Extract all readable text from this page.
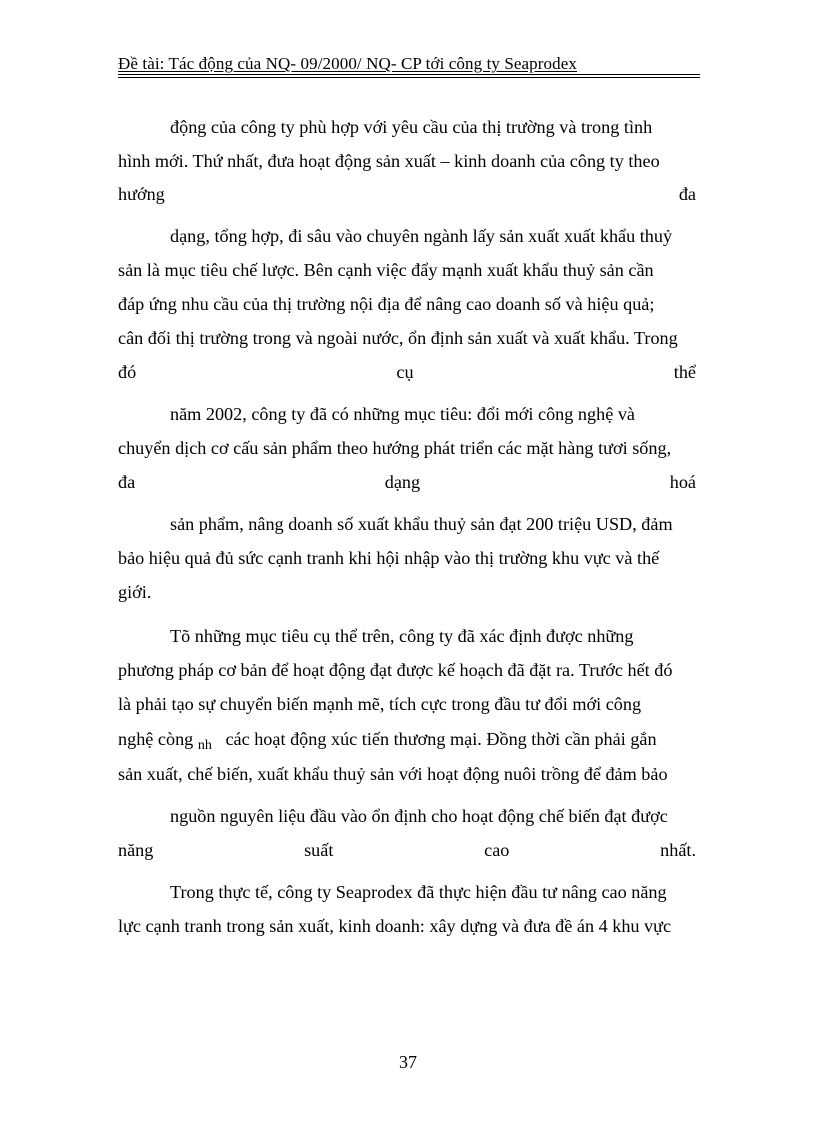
Đề tài: Tác động của NQ- 09/2000/ NQ- CP tới công ty Seaprodex
động của công ty phù hợp với yêu cầu của thị trường và trong tình
hình mới. Thứ nhất, đưa hoạt động sản xuất – kinh doanh của công ty theo
hướng	đa
dạng, tổng hợp, đi sâu vào chuyên ngành lấy sản xuất xuất khẩu thuỷ
sản là mục tiêu chế lược. Bên cạnh việc đẩy mạnh xuất khẩu thuỷ sản cần
đáp ứng nhu cầu của thị trường nội địa để nâng cao doanh số và hiệu quả;
cân đối thị trường trong và ngoài nước, ổn định sản xuất và xuất khẩu. Trong
đó	cụ	thể
năm 2002, công ty đã có những mục tiêu: đổi mới công nghệ và
chuyển dịch cơ cấu sản phẩm theo hướng phát triển các mặt hàng tươi sống,
đa	dạng	hoá
sản phẩm, nâng doanh số xuất khẩu thuỷ sản đạt 200 triệu USD, đảm
bảo hiệu quả đủ sức cạnh tranh khi hội nhập vào thị trường khu vực và thế
giới.
Tõ những mục tiêu cụ thể trên, công ty đã xác định được những
phương pháp cơ bản để hoạt động đạt được kế hoạch đã đặt ra. Trước hết đó
là phải tạo sự chuyển biến mạnh mẽ, tích cực trong đầu tư đổi mới công
nghệ còng $_{nh}$ các hoạt động xúc tiến thương mại. Đồng thời cần phải gắn
sản xuất, chế biến, xuất khẩu thuỷ sản với hoạt động nuôi trồng để đảm bảo
nguồn nguyên liệu đầu vào ổn định cho hoạt động chế biến đạt được
năng	suất	cao	nhất.
Trong thực tế, công ty Seaprodex đã thực hiện đầu tư nâng cao năng
lực cạnh tranh trong sản xuất, kinh doanh: xây dựng và đưa đề án 4 khu vực
37
